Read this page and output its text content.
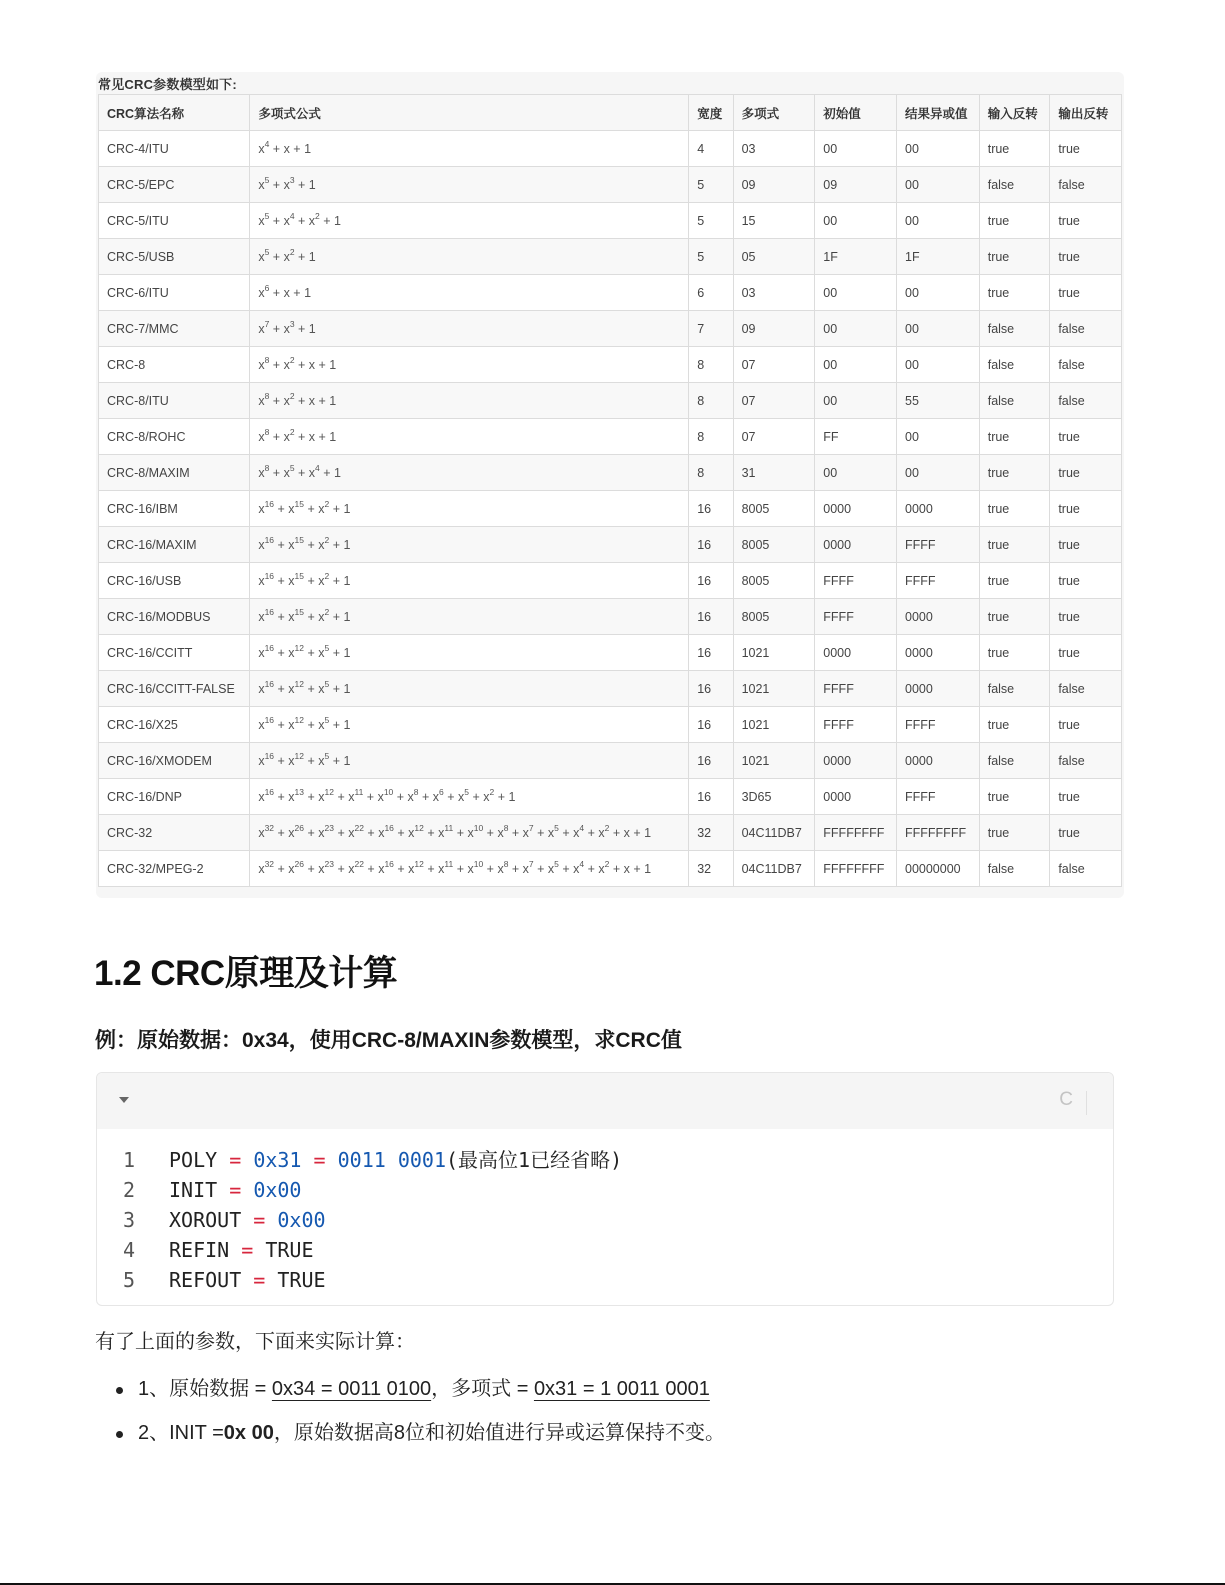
常见CRC参数模型如下:
CRC算法名称	多项式公式	宽度	多项式	初始值	结果异或值	输入反转	输出反转
CRC-4/ITU	$x^4 + x + 1$	4	03	00	00	true	true
CRC-5/EPC	$x^5 + x^3 + 1$	5	09	09	00	false	false
CRC-5/ITU	$x^5 + x^4 + x^2 + 1$	5	15	00	00	true	true
CRC-5/USB	$x^5 + x^2 + 1$	5	05	1F	1F	true	true
CRC-6/ITU	$x^6 + x + 1$	6	03	00	00	true	true
CRC-7/MMC	$x^7 + x^3 + 1$	7	09	00	00	false	false
CRC-8	$x^8 + x^2 + x + 1$	8	07	00	00	false	false
CRC-8/ITU	$x^8 + x^2 + x + 1$	8	07	00	55	false	false
CRC-8/ROHC	$x^8 + x^2 + x + 1$	8	07	FF	00	true	true
CRC-8/MAXIM	$x^8 + x^5 + x^4 + 1$	8	31	00	00	true	true
CRC-16/IBM	$x^{16} + x^{15} + x^2 + 1$	16	8005	0000	0000	true	true
CRC-16/MAXIM	$x^{16} + x^{15} + x^2 + 1$	16	8005	0000	FFFF	true	true
CRC-16/USB	$x^{16} + x^{15} + x^2 + 1$	16	8005	FFFF	FFFF	true	true
CRC-16/MODBUS	$x^{16} + x^{15} + x^2 + 1$	16	8005	FFFF	0000	true	true
CRC-16/CCITT	$x^{16} + x^{12} + x^5 + 1$	16	1021	0000	0000	true	true
CRC-16/CCITT-FALSE	$x^{16} + x^{12} + x^5 + 1$	16	1021	FFFF	0000	false	false
CRC-16/X25	$x^{16} + x^{12} + x^5 + 1$	16	1021	FFFF	FFFF	true	true
CRC-16/XMODEM	$x^{16} + x^{12} + x^5 + 1$	16	1021	0000	0000	false	false
CRC-16/DNP	$x^{16} + x^{13} + x^{12} + x^{11} + x^{10} + x^8 + x^6 + x^5 + x^2 + 1$	16	3D65	0000	FFFF	true	true
CRC-32	$x^{32} + x^{26} + x^{23} + x^{22} + x^{16} + x^{12} + x^{11} + x^{10} + x^8 + x^7 + x^5 + x^4 + x^2 + x + 1$	32	04C11DB7	FFFFFFFF	FFFFFFFF	true	true
CRC-32/MPEG-2	$x^{32} + x^{26} + x^{23} + x^{22} + x^{16} + x^{12} + x^{11} + x^{10} + x^8 + x^7 + x^5 + x^4 + x^2 + x + 1$	32	04C11DB7	FFFFFFFF	00000000	false	false
1.2 CRC原理及计算
例：原始数据：0x34，使用CRC-8/MAXIN参数模型，求CRC值
C
1	POLY = 0x31 = 0011 0001(最高位1已经省略)
2	INIT = 0x00
3	XOROUT = 0x00
4	REFIN = TRUE
5	REFOUT = TRUE

有了上面的参数，下面来实际计算：

1、原始数据 = 0x34 = 0011 0100，多项式 = 0x31 = 1 0011 0001
2、INIT =0x 00，原始数据高8位和初始值进行异或运算保持不变。
